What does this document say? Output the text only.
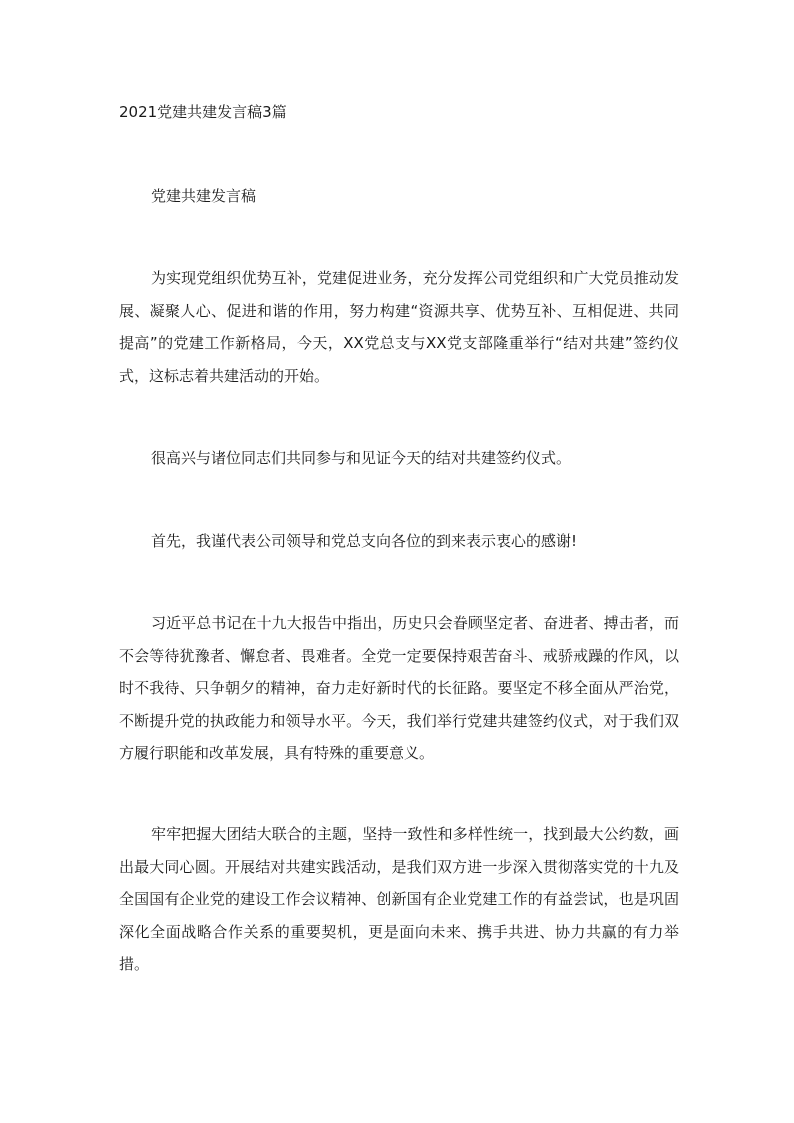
2021党建共建发言稿3篇
党建共建发言稿

为实现党组织优势互补，党建促进业务，充分发挥公司党组织和广大党员推动发展、凝聚人心、促进和谐的作用，努力构建“资源共享、优势互补、互相促进、共同提高”的党建工作新格局，今天，XX党总支与XX党支部隆重举行“结对共建”签约仪式，这标志着共建活动的开始。

很高兴与诸位同志们共同参与和见证今天的结对共建签约仪式。

首先，我谨代表公司领导和党总支向各位的到来表示衷心的感谢!

习近平总书记在十九大报告中指出，历史只会眷顾坚定者、奋进者、搏击者，而不会等待犹豫者、懈怠者、畏难者。全党一定要保持艰苦奋斗、戒骄戒躁的作风，以时不我待、只争朝夕的精神，奋力走好新时代的长征路。要坚定不移全面从严治党，不断提升党的执政能力和领导水平。今天，我们举行党建共建签约仪式，对于我们双方履行职能和改革发展，具有特殊的重要意义。

牢牢把握大团结大联合的主题，坚持一致性和多样性统一，找到最大公约数，画出最大同心圆。开展结对共建实践活动，是我们双方进一步深入贯彻落实党的十九及全国国有企业党的建设工作会议精神、创新国有企业党建工作的有益尝试，也是巩固深化全面战略合作关系的重要契机，更是面向未来、携手共进、协力共赢的有力举措。
